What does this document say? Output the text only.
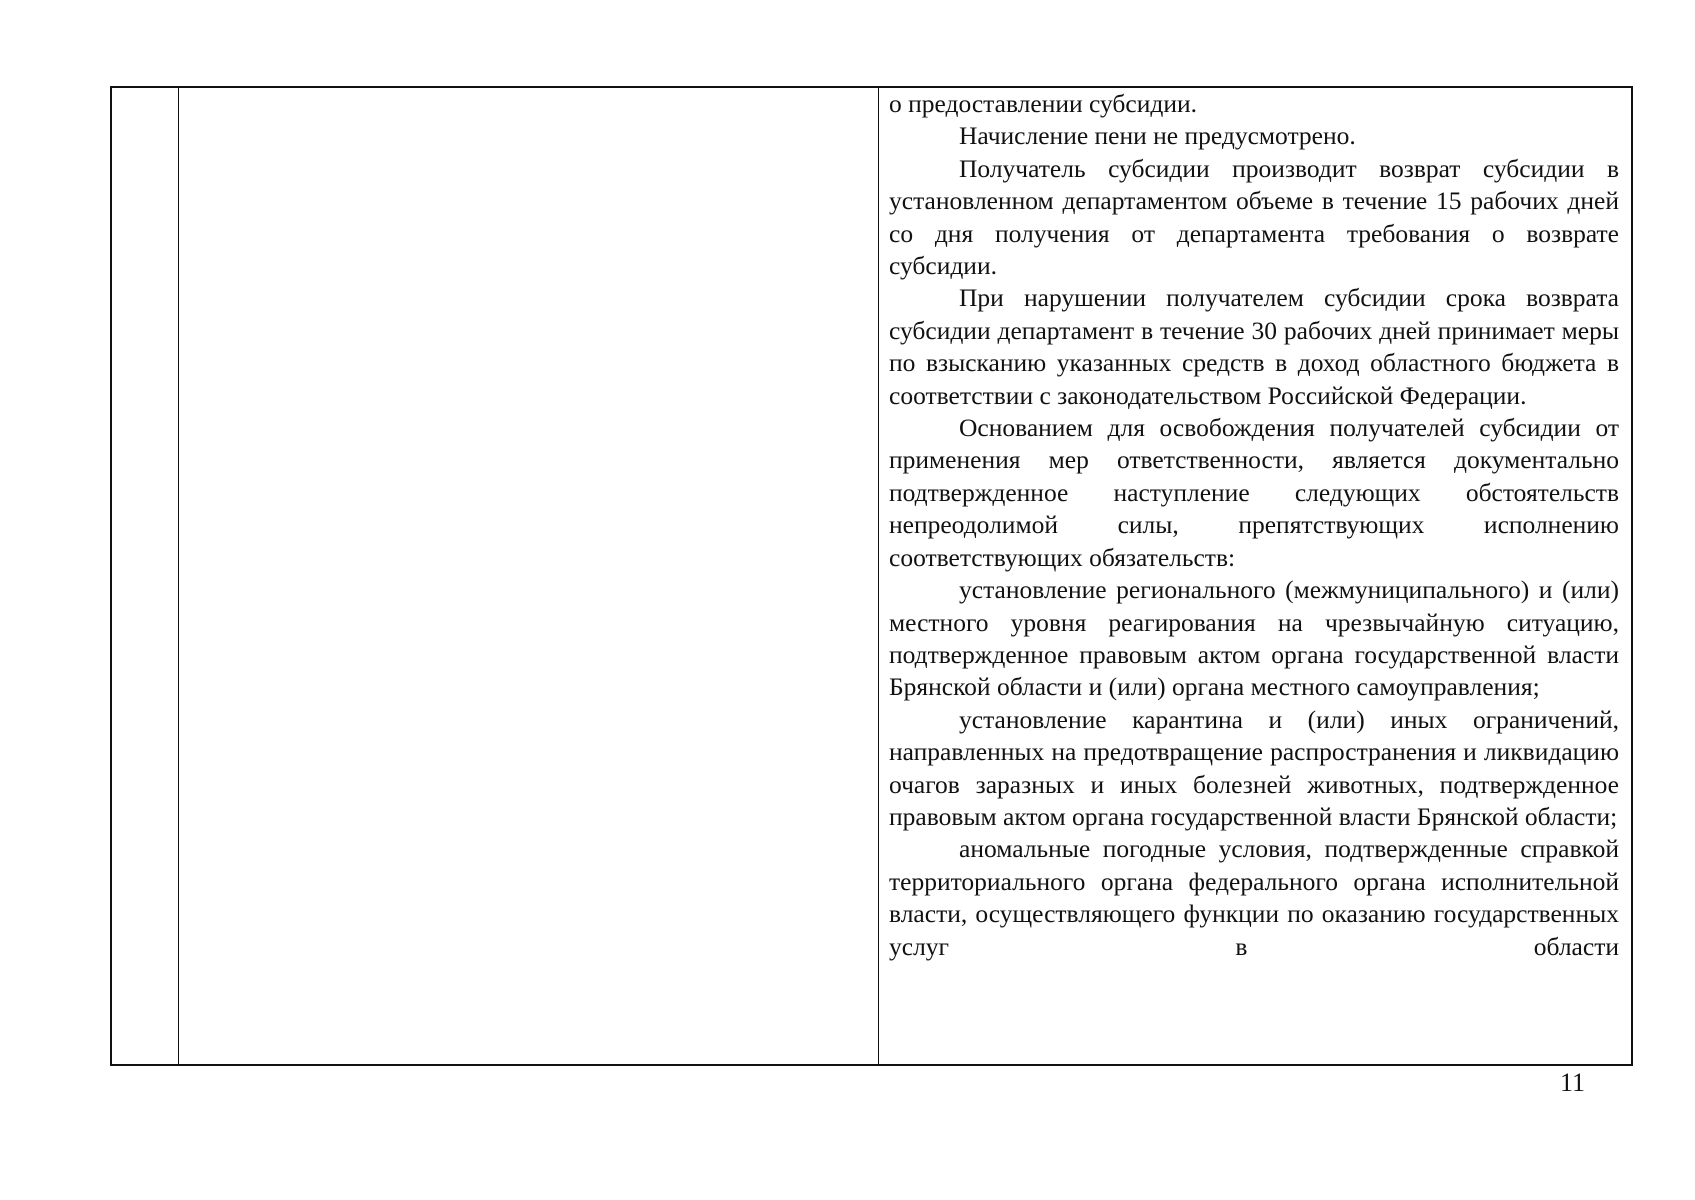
о предоставлении субсидии.

Начисление пени не предусмотрено.

Получатель субсидии производит возврат субсидии в установленном департаментом объеме в течение 15 рабочих дней со дня получения от департамента требования о возврате субсидии.

При нарушении получателем субсидии срока возврата субсидии департамент в течение 30 рабочих дней принимает меры по взысканию указанных средств в доход областного бюджета в соответствии с законодательством Российской Федерации.

Основанием для освобождения получателей субсидии от применения мер ответственности, является документально подтвержденное наступление следующих обстоятельств непреодолимой силы, препятствующих исполнению соответствующих обязательств:

установление регионального (межмуниципального) и (или) местного уровня реагирования на чрезвычайную ситуацию, подтвержденное правовым актом органа государственной власти Брянской области и (или) органа местного самоуправления;

установление карантина и (или) иных ограничений, направленных на предотвращение распространения и ликвидацию очагов заразных и иных болезней животных, подтвержденное правовым актом органа государственной власти Брянской области;

аномальные погодные условия, подтвержденные справкой территориального органа федерального органа исполнительной власти, осуществляющего функции по оказанию государственных услуг в области

11
